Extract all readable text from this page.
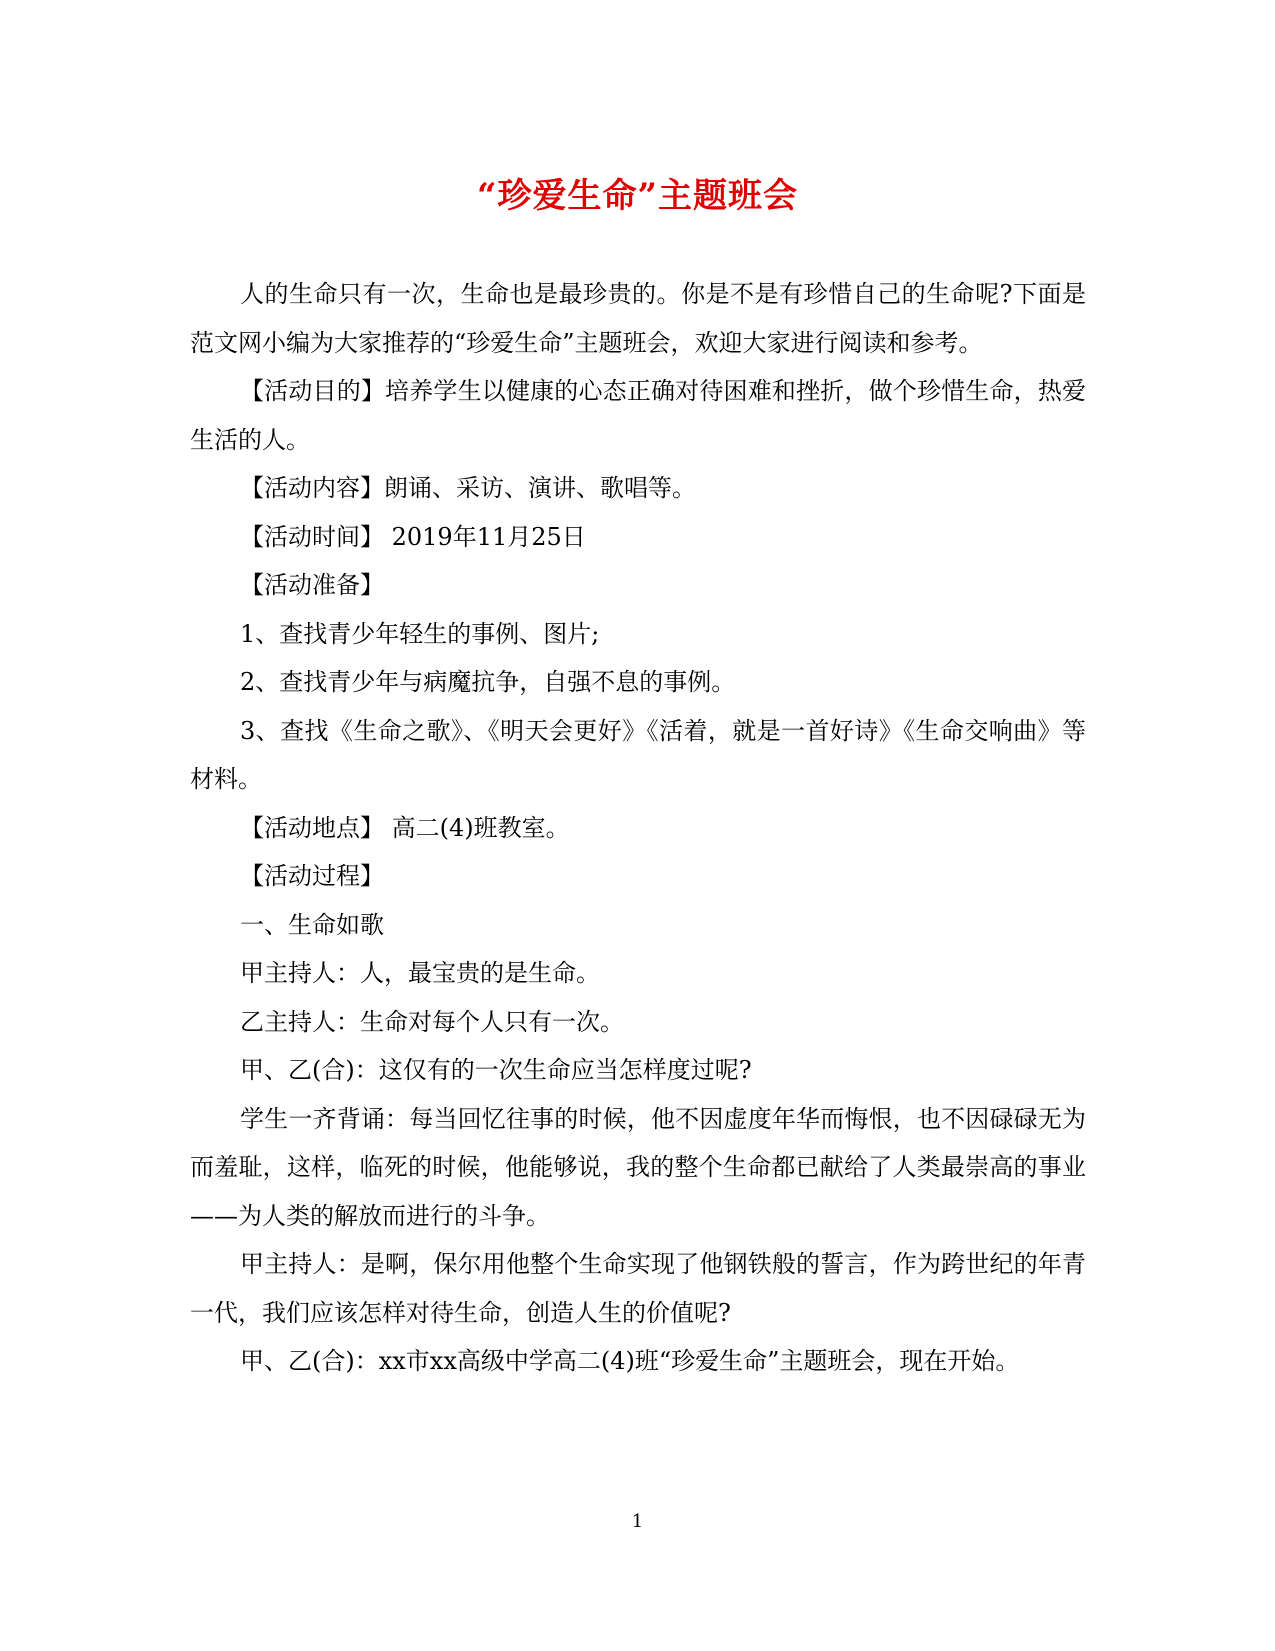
“珍爱生命”主题班会

人的生命只有一次，生命也是最珍贵的。你是不是有珍惜自己的生命呢?下面是范文网小编为大家推荐的“珍爱生命”主题班会，欢迎大家进行阅读和参考。

【活动目的】培养学生以健康的心态正确对待困难和挫折，做个珍惜生命，热爱生活的人。

【活动内容】朗诵、采访、演讲、歌唱等。

【活动时间】 2019年11月25日

【活动准备】

1、查找青少年轻生的事例、图片;

2、查找青少年与病魔抗争，自强不息的事例。

3、查找《生命之歌》、《明天会更好》《活着，就是一首好诗》《生命交响曲》等材料。

【活动地点】 高二(4)班教室。

【活动过程】

一、生命如歌

甲主持人：人，最宝贵的是生命。

乙主持人：生命对每个人只有一次。

甲、乙(合)：这仅有的一次生命应当怎样度过呢?

学生一齐背诵：每当回忆往事的时候，他不因虚度年华而悔恨，也不因碌碌无为而羞耻，这样，临死的时候，他能够说，我的整个生命都已献给了人类最崇高的事业——为人类的解放而进行的斗争。

甲主持人：是啊，保尔用他整个生命实现了他钢铁般的誓言，作为跨世纪的年青一代，我们应该怎样对待生命，创造人生的价值呢?

甲、乙(合)：xx市xx高级中学高二(4)班“珍爱生命”主题班会，现在开始。

1
